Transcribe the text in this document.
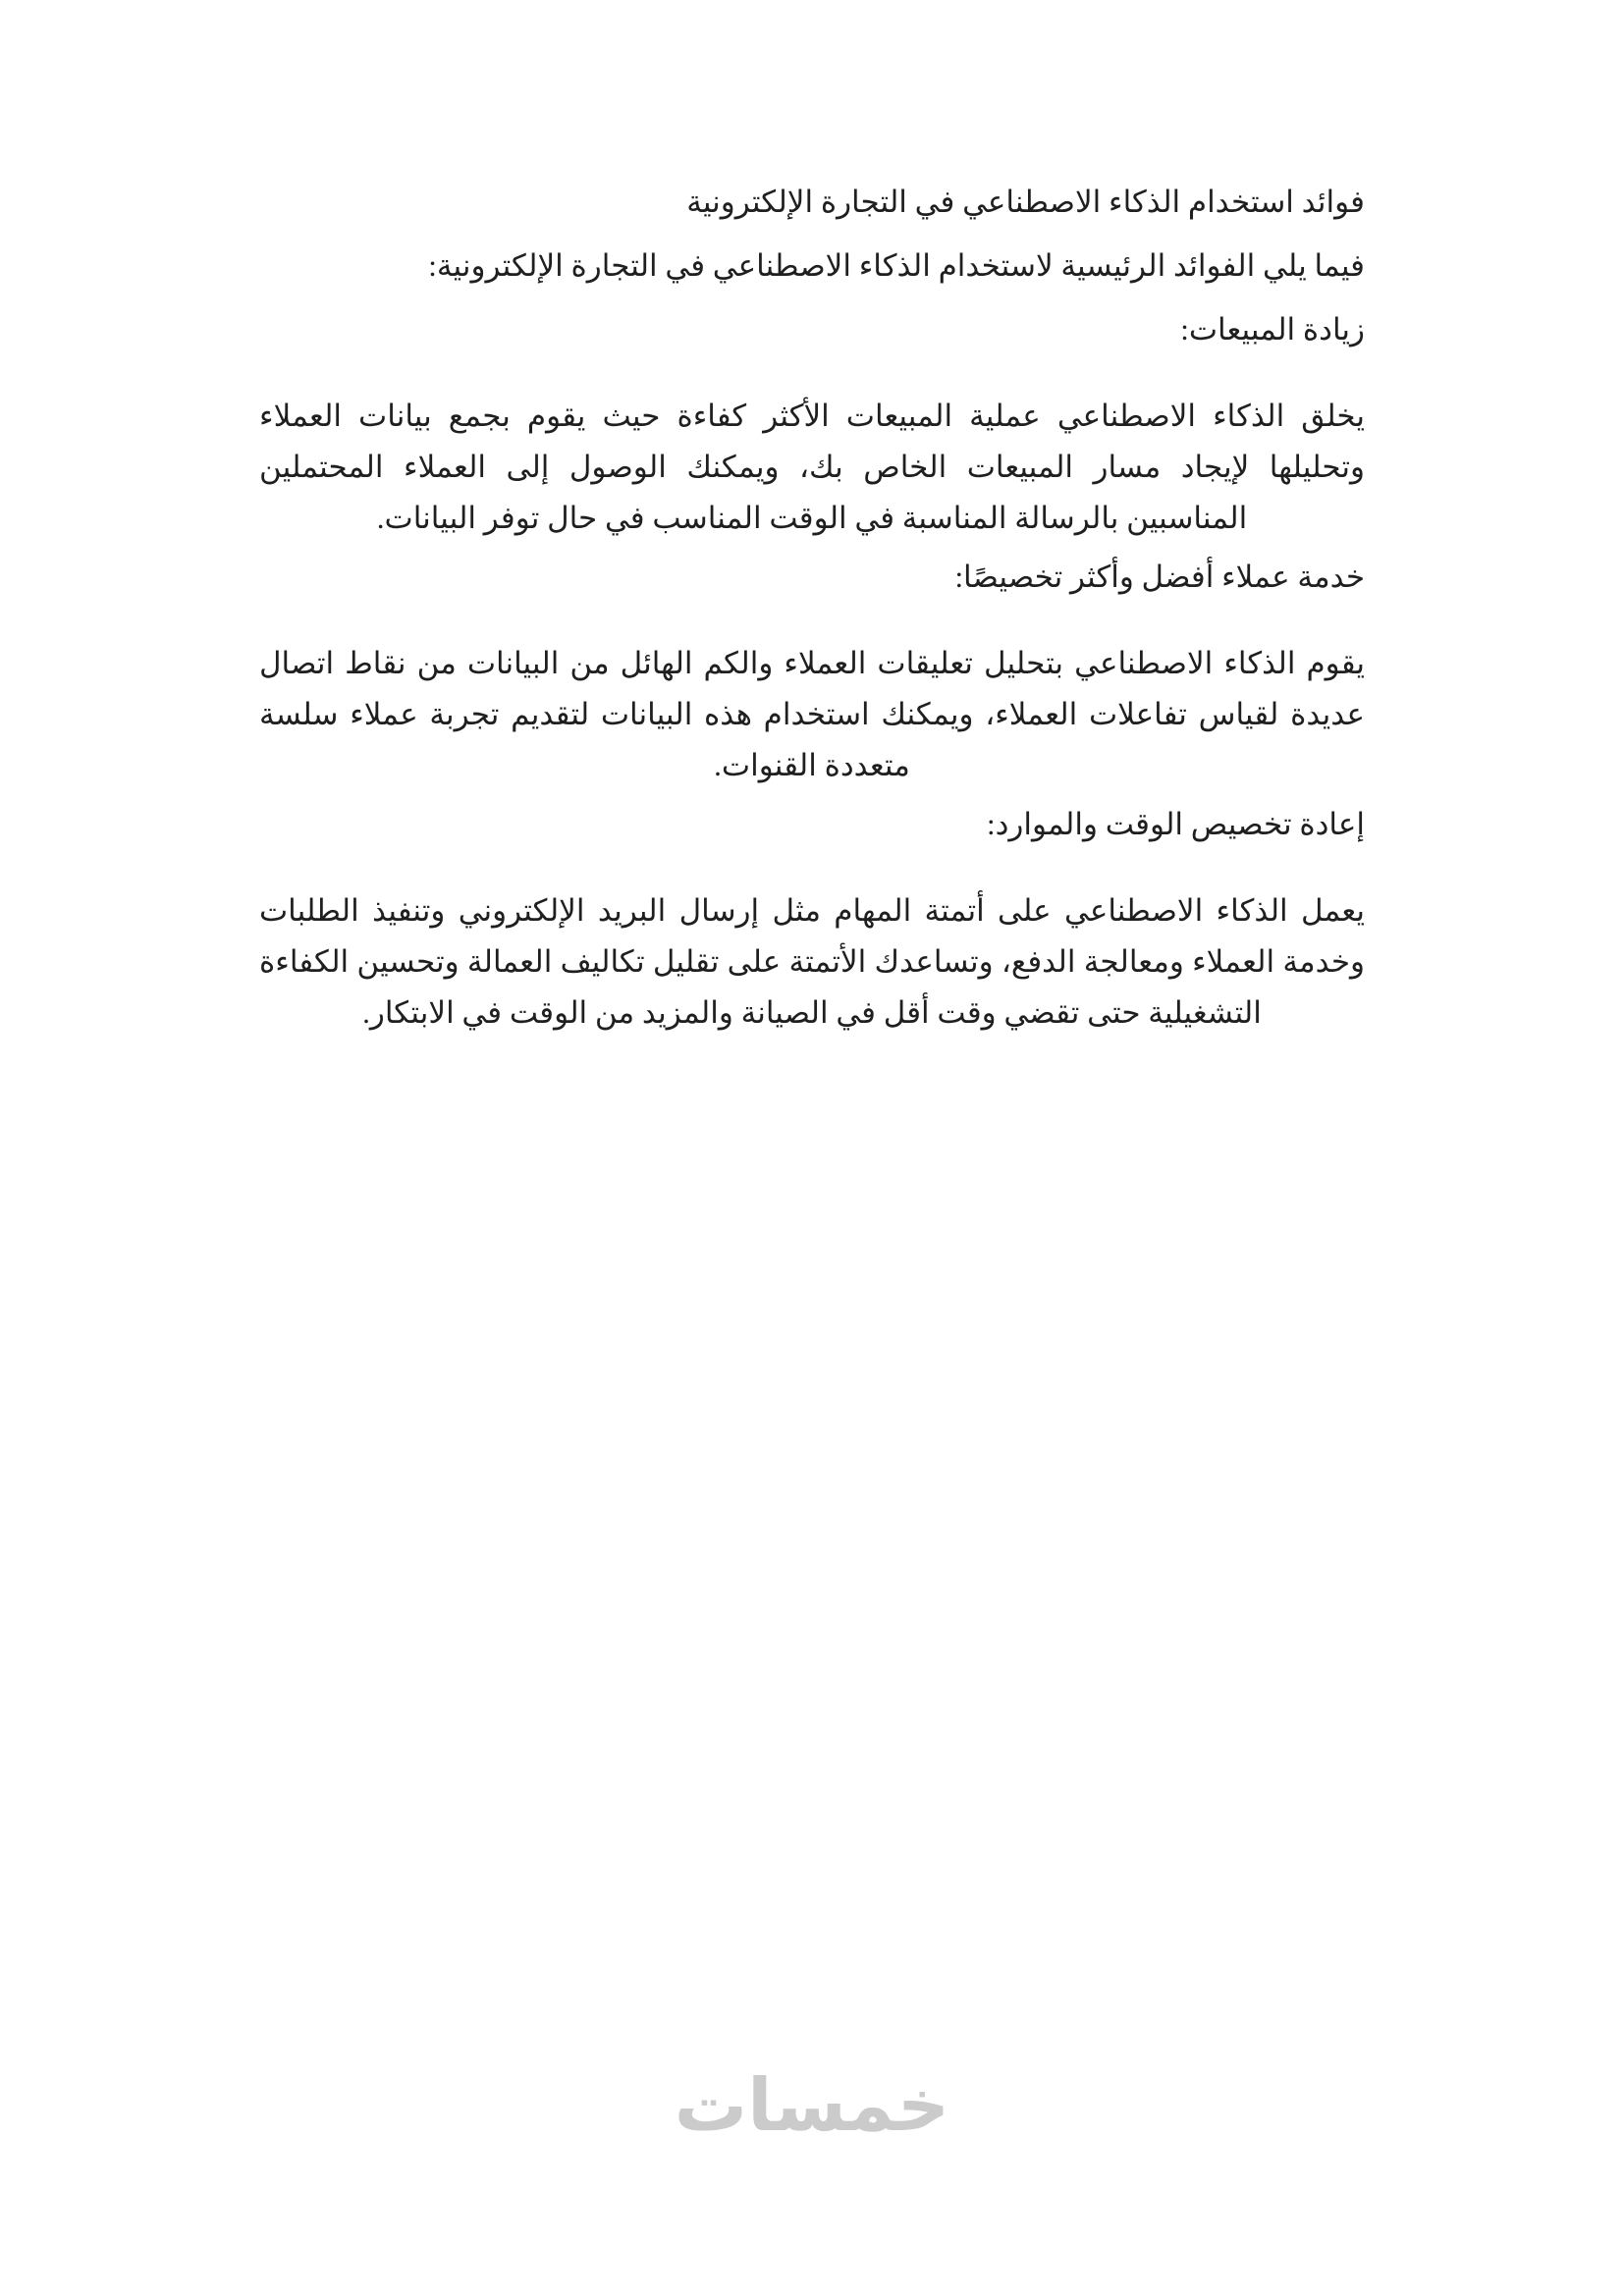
فوائد استخدام الذكاء الاصطناعي في التجارة الإلكترونية

فيما يلي الفوائد الرئيسية لاستخدام الذكاء الاصطناعي في التجارة الإلكترونية:

زيادة المبيعات:

يخلق الذكاء الاصطناعي عملية المبيعات الأكثر كفاءة حيث يقوم بجمع بيانات العملاء وتحليلها لإيجاد مسار المبيعات الخاص بك، ويمكنك الوصول إلى العملاء المحتملين المناسبين بالرسالة المناسبة في الوقت المناسب في حال توفر البيانات.

خدمة عملاء أفضل وأكثر تخصيصًا:

يقوم الذكاء الاصطناعي بتحليل تعليقات العملاء والكم الهائل من البيانات من نقاط اتصال عديدة لقياس تفاعلات العملاء، ويمكنك استخدام هذه البيانات لتقديم تجربة عملاء سلسة متعددة القنوات.

إعادة تخصيص الوقت والموارد:

يعمل الذكاء الاصطناعي على أتمتة المهام مثل إرسال البريد الإلكتروني وتنفيذ الطلبات وخدمة العملاء ومعالجة الدفع، وتساعدك الأتمتة على تقليل تكاليف العمالة وتحسين الكفاءة التشغيلية حتى تقضي وقت أقل في الصيانة والمزيد من الوقت في الابتكار.

خمسات
